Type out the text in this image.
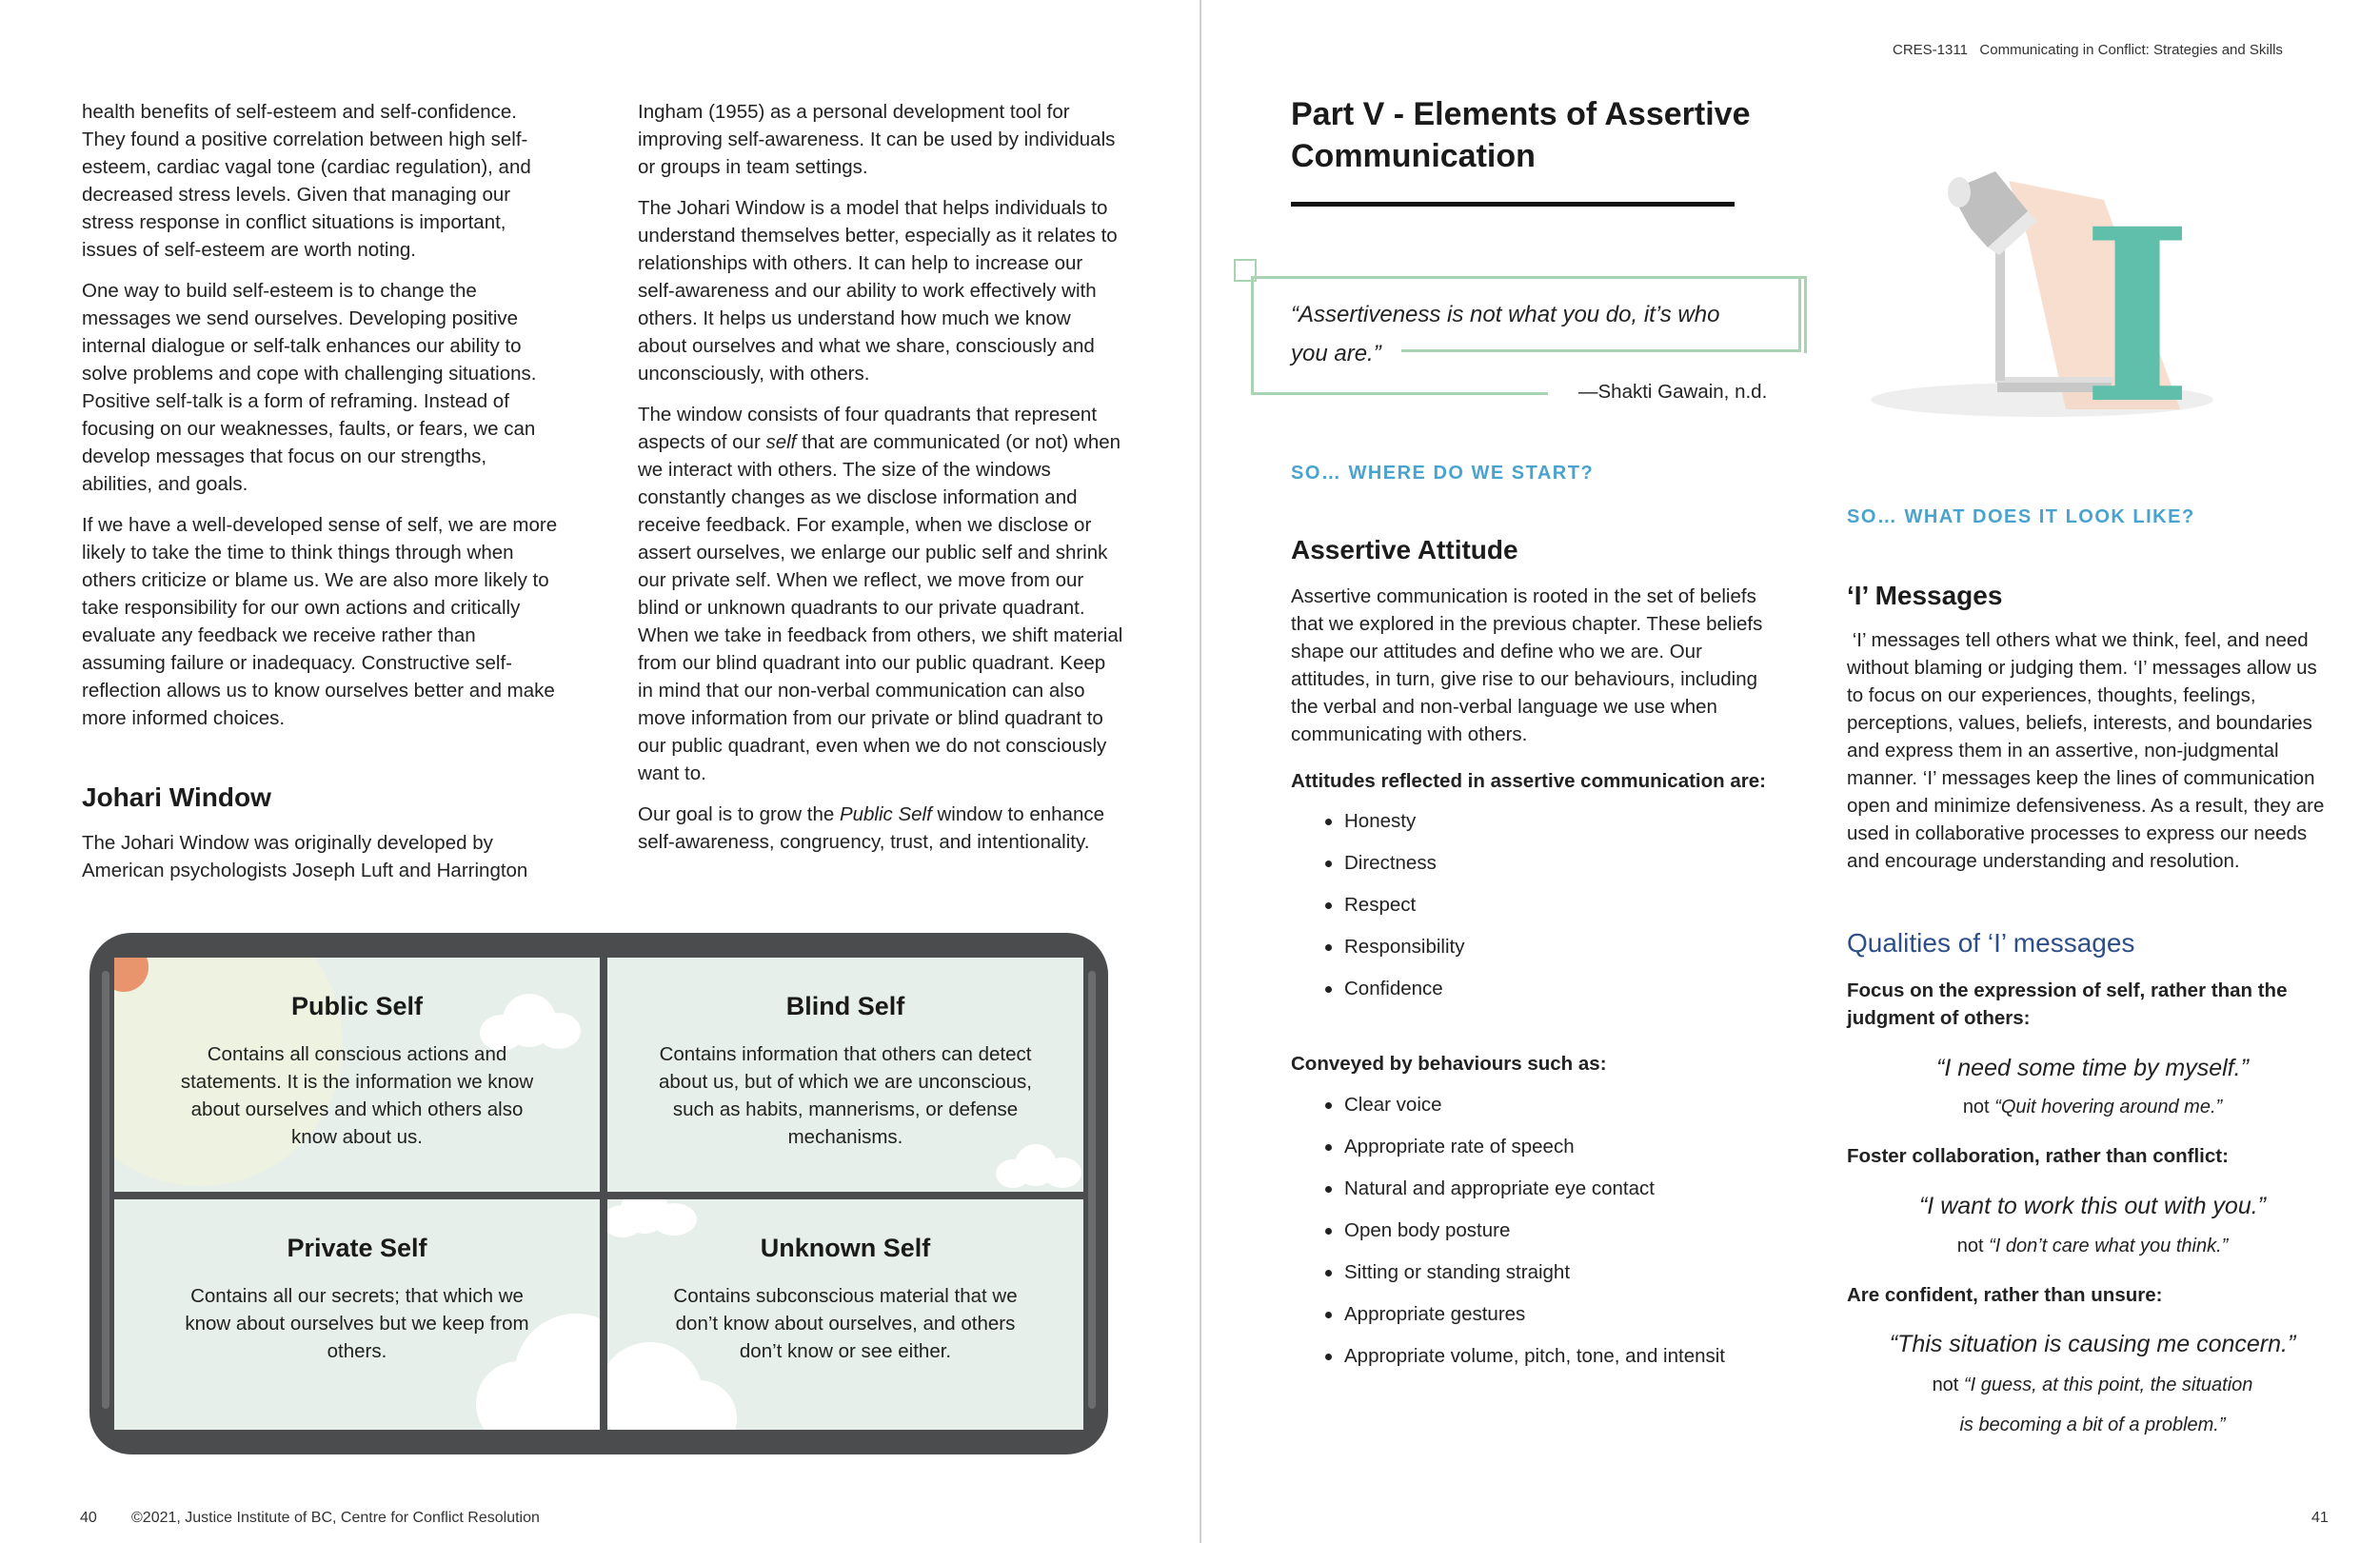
health benefits of self-esteem and self-confidence. They found a positive correlation between high self-esteem, cardiac vagal tone (cardiac regulation), and decreased stress levels. Given that managing our stress response in conflict situations is important, issues of self-esteem are worth noting.

One way to build self-esteem is to change the messages we send ourselves. Developing positive internal dialogue or self-talk enhances our ability to solve problems and cope with challenging situations. Positive self-talk is a form of reframing. Instead of focusing on our weaknesses, faults, or fears, we can develop messages that focus on our strengths, abilities, and goals.

If we have a well-developed sense of self, we are more likely to take the time to think things through when others criticize or blame us. We are also more likely to take responsibility for our own actions and critically evaluate any feedback we receive rather than assuming failure or inadequacy. Constructive self-reflection allows us to know ourselves better and make more informed choices.

Johari Window
The Johari Window was originally developed by American psychologists Joseph Luft and Harrington

Ingham (1955) as a personal development tool for improving self-awareness. It can be used by individuals or groups in team settings.

The Johari Window is a model that helps individuals to understand themselves better, especially as it relates to relationships with others. It can help to increase our self-awareness and our ability to work effectively with others. It helps us understand how much we know about ourselves and what we share, consciously and unconsciously, with others.

The window consists of four quadrants that represent aspects of our self that are communicated (or not) when we interact with others. The size of the windows constantly changes as we disclose information and receive feedback. For example, when we disclose or assert ourselves, we enlarge our public self and shrink our private self. When we reflect, we move from our blind or unknown quadrants to our private quadrant. When we take in feedback from others, we shift material from our blind quadrant into our public quadrant. Keep in mind that our non-verbal communication can also move information from our private or blind quadrant to our public quadrant, even when we do not consciously want to.

Our goal is to grow the Public Self window to enhance self-awareness, congruency, trust, and intentionality.

Public Self
Contains all conscious actions and statements. It is the information we know about ourselves and which others also know about us.
Blind Self
Contains information that others can detect about us, but of which we are unconscious, such as habits, mannerisms, or defense mechanisms.
Private Self
Contains all our secrets; that which we know about ourselves but we keep from others.
Unknown Self
Contains subconscious material that we don’t know about ourselves, and others don’t know or see either.
40 ©2021, Justice Institute of BC, Centre for Conflict Resolution
CRES-1311   Communicating in Conflict: Strategies and Skills
Part V - Elements of Assertive
Communication
“Assertiveness is not what you do, it’s who
you are.”
—Shakti Gawain, n.d.
SO… WHERE DO WE START?
Assertive Attitude
Assertive communication is rooted in the set of beliefs that we explored in the previous chapter. These beliefs shape our attitudes and define who we are. Our attitudes, in turn, give rise to our behaviours, including the verbal and non-verbal language we use when communicating with others.
Attitudes reflected in assertive communication are:
Honesty
Directness
Respect
Responsibility
Confidence
Conveyed by behaviours such as:
Clear voice
Appropriate rate of speech
Natural and appropriate eye contact
Open body posture
Sitting or standing straight
Appropriate gestures
Appropriate volume, pitch, tone, and intensit
I
SO… WHAT DOES IT LOOK LIKE?
‘I’ Messages
‘I’ messages tell others what we think, feel, and need without blaming or judging them. ‘I’ messages allow us to focus on our experiences, thoughts, feelings, perceptions, values, beliefs, interests, and boundaries and express them in an assertive, non-judgmental manner. ‘I’ messages keep the lines of communication open and minimize defensiveness. As a result, they are used in collaborative processes to express our needs and encourage understanding and resolution.
Qualities of ‘I’ messages
Focus on the expression of self, rather than the judgment of others:
“I need some time by myself.”
not “Quit hovering around me.”
Foster collaboration, rather than conflict:
“I want to work this out with you.”
not “I don’t care what you think.”
Are confident, rather than unsure:
“This situation is causing me concern.”
not “I guess, at this point, the situation
is becoming a bit of a problem.”
41
